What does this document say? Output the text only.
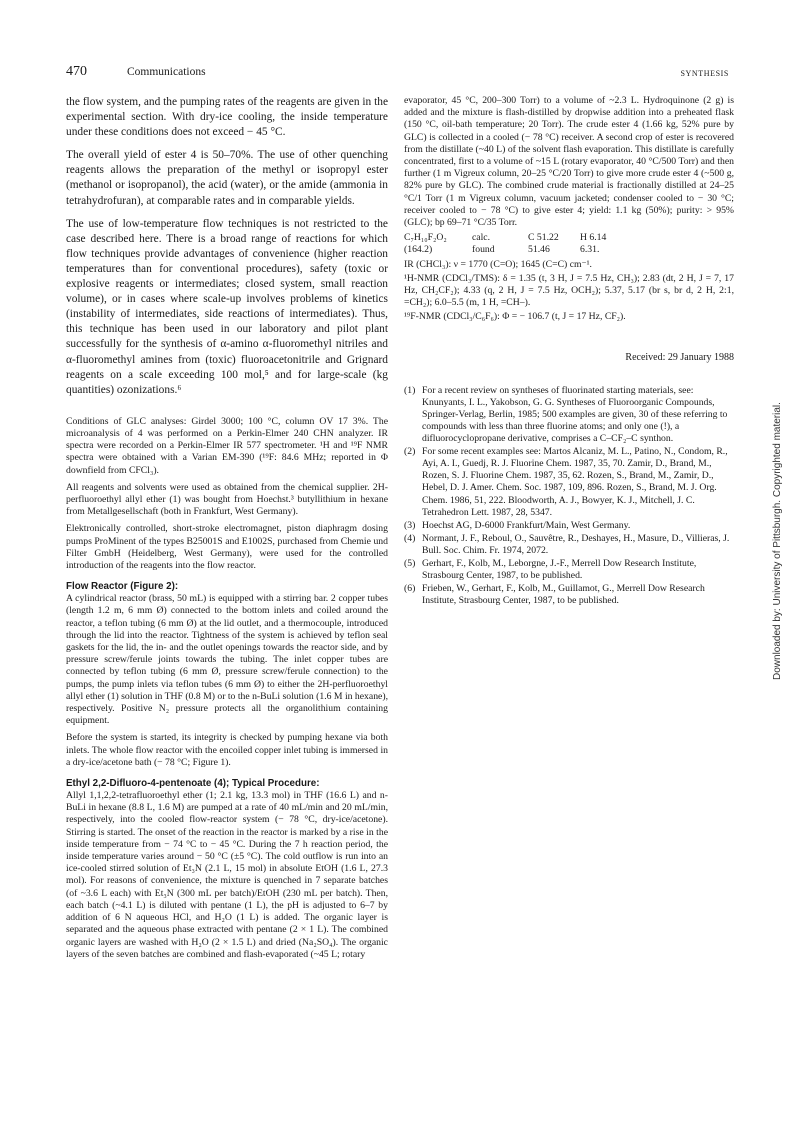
470	Communications	SYNTHESIS

the flow system, and the pumping rates of the reagents are given in the experimental section. With dry-ice cooling, the inside temperature under these conditions does not exceed − 45 °C.

The overall yield of ester 4 is 50–70%. The use of other quenching reagents allows the preparation of the methyl or isopropyl ester (methanol or isopropanol), the acid (water), or the amide (ammonia in tetrahydrofuran), at comparable rates and in comparable yields.

The use of low-temperature flow techniques is not restricted to the case described here. There is a broad range of reactions for which flow techniques provide advantages of convenience (higher reaction temperatures than for conventional procedures), safety (toxic or explosive reagents or intermediates; closed system, small reaction volume), or in cases where scale-up involves problems of kinetics (instability of intermediates, side reactions of intermediates). Thus, this technique has been used in our laboratory and pilot plant successfully for the synthesis of α-amino α-fluoromethyl nitriles and α-fluoromethyl amines from (toxic) fluoroacetonitrile and Grignard reagents on a scale exceeding 100 mol,⁵ and for large-scale (kg quantities) ozonizations.⁶

Conditions of GLC analyses: Girdel 3000; 100 °C, column OV 17 3%. The microanalysis of 4 was performed on a Perkin-Elmer 240 CHN analyzer. IR spectra were recorded on a Perkin-Elmer IR 577 spectrometer. ¹H and ¹⁹F NMR spectra were obtained with a Varian EM-390 (¹⁹F: 84.6 MHz; reported in Φ downfield from CFCl₃).

All reagents and solvents were used as obtained from the chemical supplier. 2H-perfluoroethyl allyl ether (1) was bought from Hoechst.³ butyllithium in hexane from Metallgesellschaft (both in Frankfurt, West Germany).

Elektronically controlled, short-stroke electromagnet, piston diaphragm dosing pumps ProMinent of the types B25001S and E1002S, purchased from Chemie und Filter GmbH (Heidelberg, West Germany), were used for the controlled introduction of the reagents into the flow reactor.

Flow Reactor (Figure 2):

A cylindrical reactor (brass, 50 mL) is equipped with a stirring bar. 2 copper tubes (length 1.2 m, 6 mm Ø) connected to the bottom inlets and coiled around the reactor, a teflon tubing (6 mm Ø) at the lid outlet, and a thermocouple, introduced through the lid into the reactor. Tightness of the system is achieved by teflon seal gaskets for the lid, the in- and the outlet openings towards the reactor side, and by pressure screw/ferule joints towards the tubing. The inlet copper tubes are connected by teflon tubing (6 mm Ø, pressure screw/ferule connection) to the pumps, the pump inlets via teflon tubes (6 mm Ø) to either the 2H-perfluoroethyl allyl ether (1) solution in THF (0.8 M) or to the n-BuLi solution (1.6 M in hexane), respectively. Positive N₂ pressure protects all the organolithium containing equipment.

Before the system is started, its integrity is checked by pumping hexane via both inlets. The whole flow reactor with the encoiled copper inlet tubing is immersed in a dry-ice/acetone bath (− 78 °C; Figure 1).

Ethyl 2,2-Difluoro-4-pentenoate (4); Typical Procedure:

Allyl 1,1,2,2-tetrafluoroethyl ether (1; 2.1 kg, 13.3 mol) in THF (16.6 L) and n-BuLi in hexane (8.8 L, 1.6 M) are pumped at a rate of 40 mL/min and 20 mL/min, respectively, into the cooled flow-reactor system (− 78 °C, dry-ice/acetone). Stirring is started. The onset of the reaction in the reactor is marked by a rise in the inside temperature from − 74 °C to − 45 °C. During the 7 h reaction period, the inside temperature varies around − 50 °C (±5 °C). The cold outflow is run into an ice-cooled stirred solution of Et₃N (2.1 L, 15 mol) in absolute EtOH (1.6 L, 27.3 mol). For reasons of convenience, the mixture is quenched in 7 separate batches (of ~3.6 L each) with Et₃N (300 mL per batch)/EtOH (230 mL per batch). Then, each batch (~4.1 L) is diluted with pentane (1 L), the pH is adjusted to 6–7 by addition of 6 N aqueous HCl, and H₂O (1 L) is added. The organic layer is separated and the aqueous phase extracted with pentane (2 × 1 L). The combined organic layers are washed with H₂O (2 × 1.5 L) and dried (Na₂SO₄). The organic layers of the seven batches are combined and flash-evaporated (~45 L; rotary

evaporator, 45 °C, 200–300 Torr) to a volume of ~2.3 L. Hydroquinone (2 g) is added and the mixture is flash-distilled by dropwise addition into a preheated flask (150 °C, oil-bath temperature; 20 Torr). The crude ester 4 (1.66 kg, 52% pure by GLC) is collected in a cooled (− 78 °C) receiver. A second crop of ester is recovered from the distillate (~40 L) of the solvent flash evaporation. This distillate is carefully concentrated, first to a volume of ~15 L (rotary evaporator, 40 °C/500 Torr) and then further (1 m Vigreux column, 20–25 °C/20 Torr) to give more crude ester 4 (~500 g, 82% pure by GLC). The combined crude material is fractionally distilled at 24–25 °C/1 Torr (1 m Vigreux column, vacuum jacketed; condenser cooled to − 30 °C; receiver cooled to − 78 °C) to give ester 4; yield: 1.1 kg (50%); purity: > 95% (GLC); bp 69–71 °C/35 Torr.

C₇H₁₀F₂O₂	calc.	C 51.22	H 6.14
(164.2)	found	51.46	6.31.

IR (CHCl₃): ν = 1770 (C=O); 1645 (C=C) cm⁻¹.

¹H-NMR (CDCl₃/TMS): δ = 1.35 (t, 3 H, J = 7.5 Hz, CH₃); 2.83 (dt, 2 H, J = 7, 17 Hz, CH₂CF₂); 4.33 (q, 2 H, J = 7.5 Hz, OCH₂); 5.37, 5.17 (br s, br d, 2 H, 2:1, =CH₂); 6.0–5.5 (m, 1 H, =CH–).

¹⁹F-NMR (CDCl₃/C₆F₆): Φ = − 106.7 (t, J = 17 Hz, CF₂).

Received: 29 January 1988
(1) For a recent review on syntheses of fluorinated starting materials, see: Knunyants, I. L., Yakobson, G. G. Syntheses of Fluoroorganic Compounds, Springer-Verlag, Berlin, 1985; 500 examples are given, 30 of these referring to compounds with less than three fluorine atoms; and only one (!), a difluorocyclopropane derivative, comprises a C–CF₂–C synthon.
(2) For some recent examples see: Martos Alcaniz, M. L., Patino, N., Condom, R., Ayi, A. I., Guedj, R. J. Fluorine Chem. 1987, 35, 70. Zamir, D., Brand, M., Rozen, S. J. Fluorine Chem. 1987, 35, 62. Rozen, S., Brand, M., Zamir, D., Hebel, D. J. Amer. Chem. Soc. 1987, 109, 896. Rozen, S., Brand, M. J. Org. Chem. 1986, 51, 222. Bloodworth, A. J., Bowyer, K. J., Mitchell, J. C. Tetrahedron Lett. 1987, 28, 5347.
(3) Hoechst AG, D-6000 Frankfurt/Main, West Germany.
(4) Normant, J. F., Reboul, O., Sauvêtre, R., Deshayes, H., Masure, D., Villieras, J. Bull. Soc. Chim. Fr. 1974, 2072.
(5) Gerhart, F., Kolb, M., Leborgne, J.-F., Merrell Dow Research Institute, Strasbourg Center, 1987, to be published.
(6) Frieben, W., Gerhart, F., Kolb, M., Guillamot, G., Merrell Dow Research Institute, Strasbourg Center, 1987, to be published.	Downloaded by: University of Pittsburgh. Copyrighted material.
